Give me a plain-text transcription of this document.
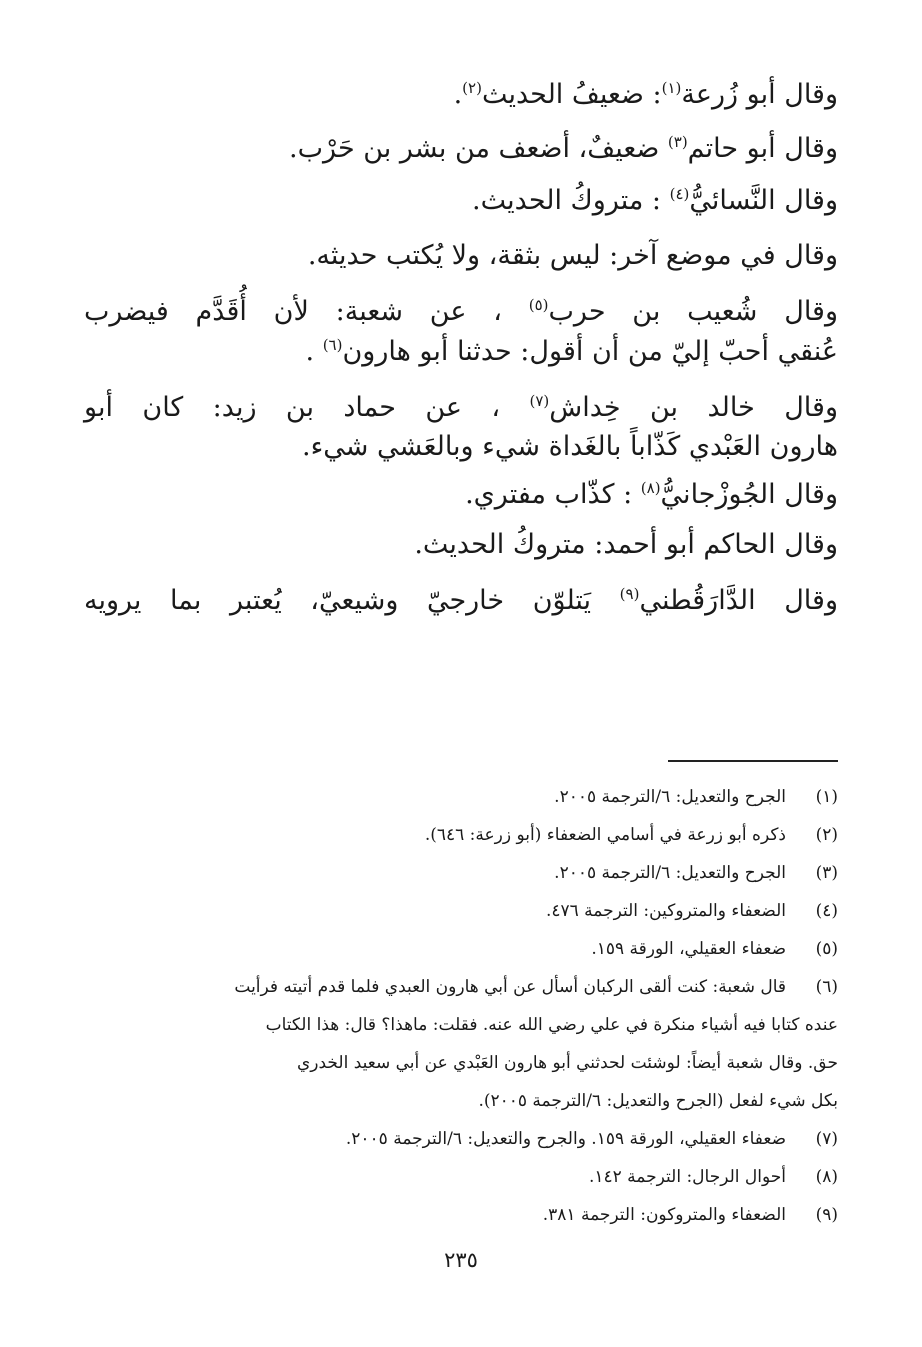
وقال أبو زُرعة$^{(١)}$: ضعيفُ الحديث$^{(٢)}$.

وقال أبو حاتم$^{(٣)}$ ضعيفٌ، أضعف من بشر بن حَرْب.

وقال النَّسائيُّ$^{(٤)}$ : متروكُ الحديث.

وقال في موضع آخر: ليس بثقة، ولا يُكتب حديثه.

وقال شُعيب بن حرب$^{(٥)}$ ، عن شعبة: لأن أُقَدَّم فيضرب

عُنقي أحبّ إليّ من أن أقول: حدثنا أبو هارون$^{(٦)}$ .

وقال خالد بن خِداش$^{(٧)}$ ، عن حماد بن زيد: كان أبو

هارون العَبْدي كَذّاباً بالغَداة شيء وبالعَشي شيء.

وقال الجُوزْجانيُّ$^{(٨)}$ : كذّاب مفتري.

وقال الحاكم أبو أحمد: متروكُ الحديث.

وقال الدَّارَقُطني$^{(٩)}$ يَتلوّن خارجيّ وشيعيّ، يُعتبر بما يرويه

(١)
الجرح والتعديل: ٦/الترجمة ٢٠٠٥.
(٢)
ذكره أبو زرعة في أسامي الضعفاء (أبو زرعة: ٦٤٦).
(٣)
الجرح والتعديل: ٦/الترجمة ٢٠٠٥.
(٤)
الضعفاء والمتروكين: الترجمة ٤٧٦.
(٥)
ضعفاء العقيلي، الورقة ١٥٩.
(٦)
قال شعبة: كنت ألقى الركبان أسأل عن أبي هارون العبدي فلما قدم أتيته فرأيت
عنده كتابا فيه أشياء منكرة في علي رضي الله عنه. فقلت: ماهذا؟ قال: هذا الكتاب
حق. وقال شعبة أيضاً: لوشئت لحدثني أبو هارون العَبْدي عن أبي سعيد الخدري
بكل شيء لفعل (الجرح والتعديل: ٦/الترجمة ٢٠٠٥).
(٧)
ضعفاء العقيلي، الورقة ١٥٩. والجرح والتعديل: ٦/الترجمة ٢٠٠٥.
(٨)
أحوال الرجال: الترجمة ١٤٢.
(٩)
الضعفاء والمتروكون: الترجمة ٣٨١.
٢٣٥
